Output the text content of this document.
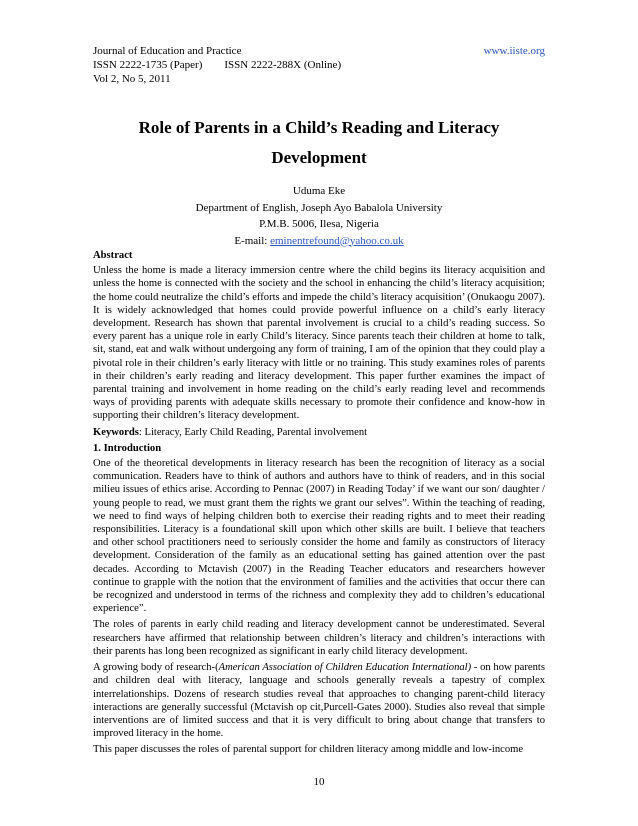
Journal of Education and Practice	www.iiste.org
ISSN 2222-1735 (Paper) ISSN 2222-288X (Online)
Vol 2, No 5, 2011
Role of Parents in a Child’s Reading and Literacy
Development
Uduma Eke
Department of English, Joseph Ayo Babalola University
P.M.B. 5006, Ilesa, Nigeria
E-mail: eminentrefound@yahoo.co.uk
Abstract

Unless the home is made a literacy immersion centre where the child begins its literacy acquisition and unless the home is connected with the society and the school in enhancing the child’s literacy acquisition; the home could neutralize the child’s efforts and impede the child’s literacy acquisition’ (Onukaogu 2007). It is widely acknowledged that homes could provide powerful influence on a child’s early literacy development. Research has shown that parental involvement is crucial to a child’s reading success. So every parent has a unique role in early Child’s literacy. Since parents teach their children at home to talk, sit, stand, eat and walk without undergoing any form of training, I am of the opinion that they could play a pivotal role in their children’s early literacy with little or no training. This study examines roles of parents in their children’s early reading and literacy development. This paper further examines the impact of parental training and involvement in home reading on the child’s early reading level and recommends ways of providing parents with adequate skills necessary to promote their confidence and know-how in supporting their children’s literacy development.

Keywords: Literacy, Early Child Reading, Parental involvement
1. Introduction

One of the theoretical developments in literacy research has been the recognition of literacy as a social communication. Readers have to think of authors and authors have to think of readers, and in this social milieu issues of ethics arise. According to Pennac (2007) in Reading Today’ if we want our son/ daughter / young people to read, we must grant them the rights we grant our selves”. Within the teaching of reading, we need to find ways of helping children both to exercise their reading rights and to meet their reading responsibilities. Literacy is a foundational skill upon which other skills are built. I believe that teachers and other school practitioners need to seriously consider the home and family as constructors of literacy development. Consideration of the family as an educational setting has gained attention over the past decades. According to Mctavish (2007) in the Reading Teacher educators and researchers however continue to grapple with the notion that the environment of families and the activities that occur there can be recognized and understood in terms of the richness and complexity they add to children’s educational experience”.

The roles of parents in early child reading and literacy development cannot be underestimated. Several researchers have affirmed that relationship between children’s literacy and children’s interactions with their parents has long been recognized as significant in early child literacy development.

A growing body of research-(American Association of Children Education International) - on how parents and children deal with literacy, language and schools generally reveals a tapestry of complex interrelationships. Dozens of research studies reveal that approaches to changing parent-child literacy interactions are generally successful (Mctavish op cit,Purcell-Gates 2000). Studies also reveal that simple interventions are of limited success and that it is very difficult to bring about change that transfers to improved literacy in the home.

This paper discusses the roles of parental support for children literacy among middle and low-income

10
